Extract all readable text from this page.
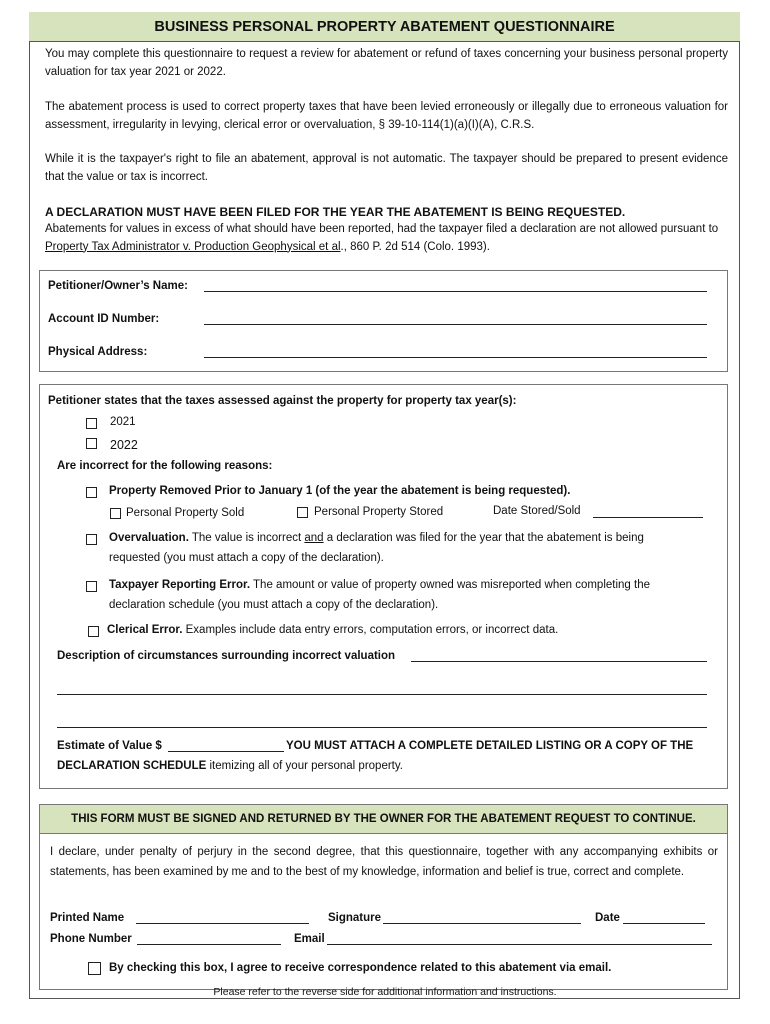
BUSINESS PERSONAL PROPERTY ABATEMENT QUESTIONNAIRE
You may complete this questionnaire to request a review for abatement or refund of taxes concerning your business personal property valuation for tax year 2021 or 2022.
The abatement process is used to correct property taxes that have been levied erroneously or illegally due to erroneous valuation for assessment, irregularity in levying, clerical error or overvaluation, § 39-10-114(1)(a)(I)(A), C.R.S.
While it is the taxpayer's right to file an abatement, approval is not automatic. The taxpayer should be prepared to present evidence that the value or tax is incorrect.
A DECLARATION MUST HAVE BEEN FILED FOR THE YEAR THE ABATEMENT IS BEING REQUESTED.
Abatements for values in excess of what should have been reported, had the taxpayer filed a declaration are not allowed pursuant to Property Tax Administrator v. Production Geophysical et al., 860 P. 2d 514 (Colo. 1993).
Petitioner/Owner’s Name:
Account ID Number:
Physical Address:
Petitioner states that the taxes assessed against the property for property tax year(s):
2021
2022
Are incorrect for the following reasons:
Property Removed Prior to January 1 (of the year the abatement is being requested).
Personal Property Sold	Personal Property Stored	Date Stored/Sold
Overvaluation. The value is incorrect and a declaration was filed for the year that the abatement is being
requested (you must attach a copy of the declaration).
Taxpayer Reporting Error. The amount or value of property owned was misreported when completing the
declaration schedule (you must attach a copy of the declaration).
Clerical Error. Examples include data entry errors, computation errors, or incorrect data.
Description of circumstances surrounding incorrect valuation
Estimate of Value $	YOU MUST ATTACH A COMPLETE DETAILED LISTING OR A COPY OF THE
DECLARATION SCHEDULE itemizing all of your personal property.
THIS FORM MUST BE SIGNED AND RETURNED BY THE OWNER FOR THE ABATEMENT REQUEST TO CONTINUE.
I declare, under penalty of perjury in the second degree, that this questionnaire, together with any accompanying exhibits or statements, has been examined by me and to the best of my knowledge, information and belief is true, correct and complete.
Printed Name	Signature	Date
Phone Number	Email
By checking this box, I agree to receive correspondence related to this abatement via email.
Please refer to the reverse side for additional information and instructions.
